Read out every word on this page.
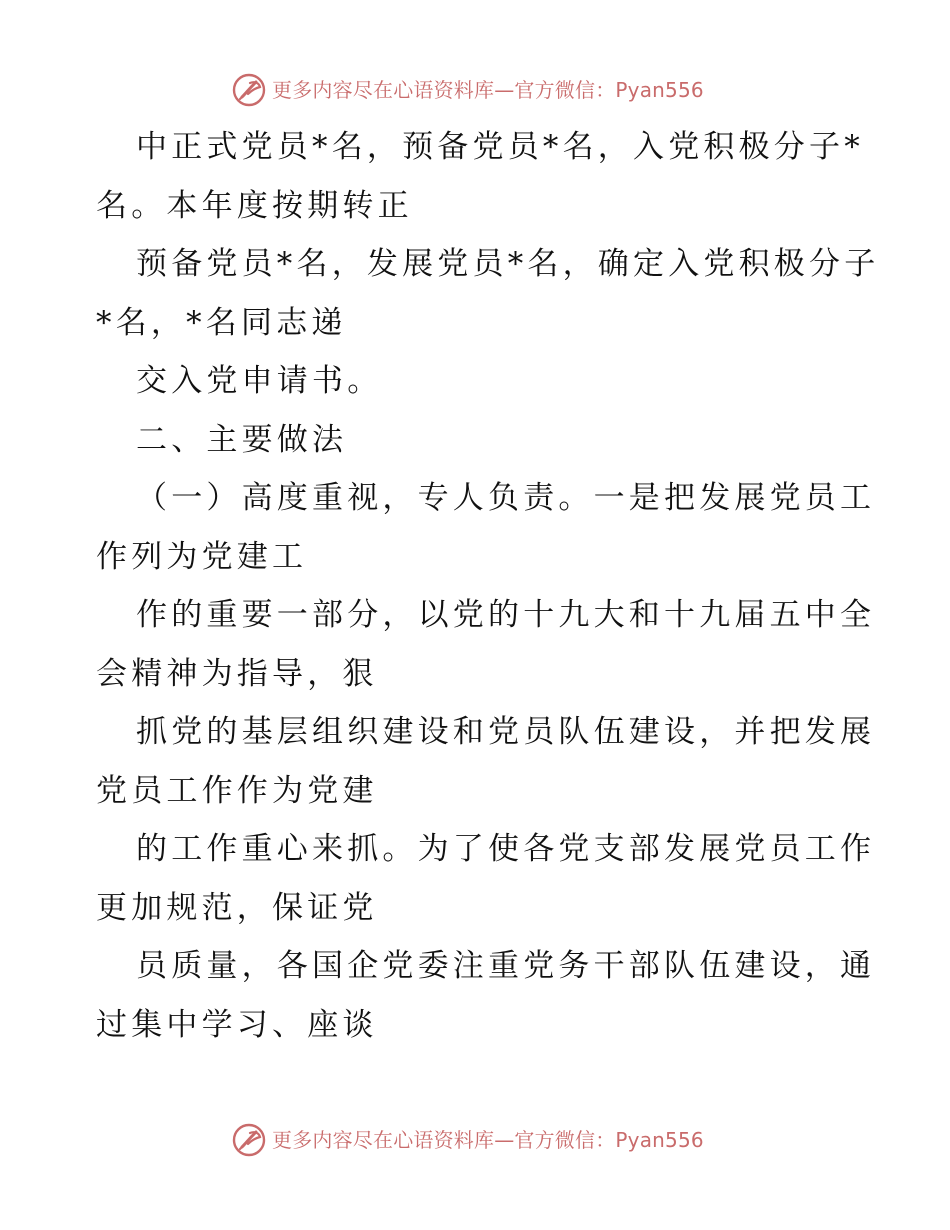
更多内容尽在心语资料库—官方微信：Pyan556
中正式党员*名，预备党员*名，入党积极分子*
名。本年度按期转正
预备党员*名，发展党员*名，确定入党积极分子
*名，*名同志递
交入党申请书。
二、主要做法
（一）高度重视，专人负责。一是把发展党员工
作列为党建工
作的重要一部分，以党的十九大和十九届五中全
会精神为指导，狠
抓党的基层组织建设和党员队伍建设，并把发展
党员工作作为党建
的工作重心来抓。为了使各党支部发展党员工作
更加规范，保证党
员质量，各国企党委注重党务干部队伍建设，通
过集中学习、座谈
更多内容尽在心语资料库—官方微信：Pyan556
